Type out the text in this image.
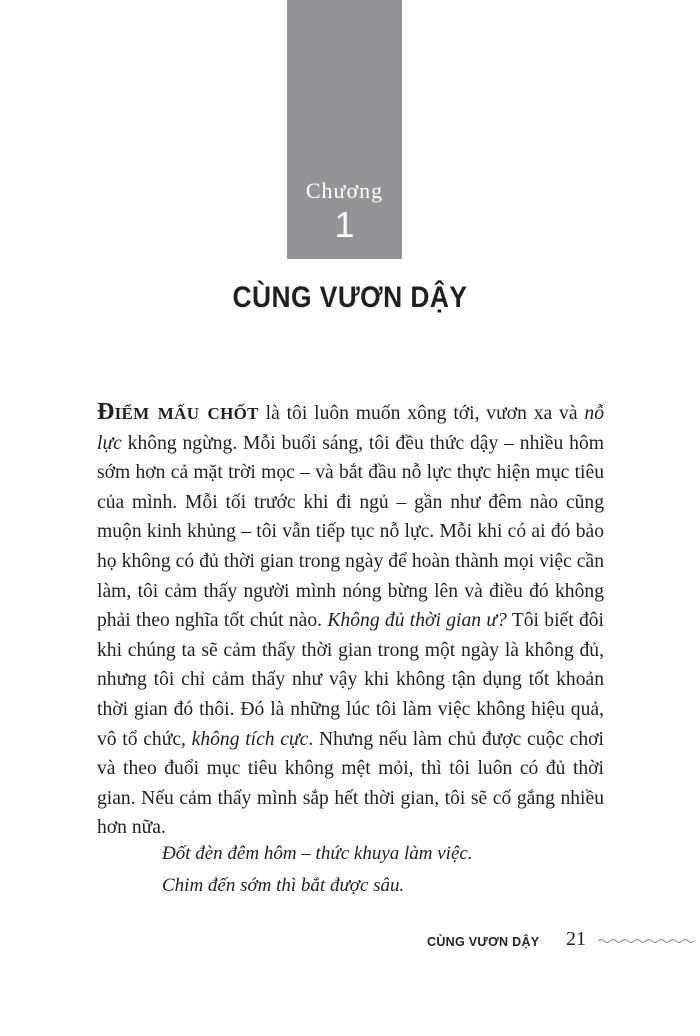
Chương
1
CÙNG VƯƠN DẬY

Điểm mấu chốt là tôi luôn muốn xông tới, vươn xa và nỗ lực không ngừng. Mỗi buổi sáng, tôi đều thức dậy – nhiều hôm sớm hơn cả mặt trời mọc – và bắt đầu nỗ lực thực hiện mục tiêu của mình. Mỗi tối trước khi đi ngủ – gần như đêm nào cũng muộn kinh khủng – tôi vẫn tiếp tục nỗ lực. Mỗi khi có ai đó bảo họ không có đủ thời gian trong ngày để hoàn thành mọi việc cần làm, tôi cảm thấy người mình nóng bừng lên và điều đó không phải theo nghĩa tốt chút nào. Không đủ thời gian ư? Tôi biết đôi khi chúng ta sẽ cảm thấy thời gian trong một ngày là không đủ, nhưng tôi chỉ cảm thấy như vậy khi không tận dụng tốt khoản thời gian đó thôi. Đó là những lúc tôi làm việc không hiệu quả, vô tổ chức, không tích cực. Nhưng nếu làm chủ được cuộc chơi và theo đuổi mục tiêu không mệt mỏi, thì tôi luôn có đủ thời gian. Nếu cảm thấy mình sắp hết thời gian, tôi sẽ cố gắng nhiều hơn nữa.

Đốt đèn đêm hôm – thức khuya làm việc.

Chim đến sớm thì bắt được sâu.

CÙNG VƯƠN DẬY 21
